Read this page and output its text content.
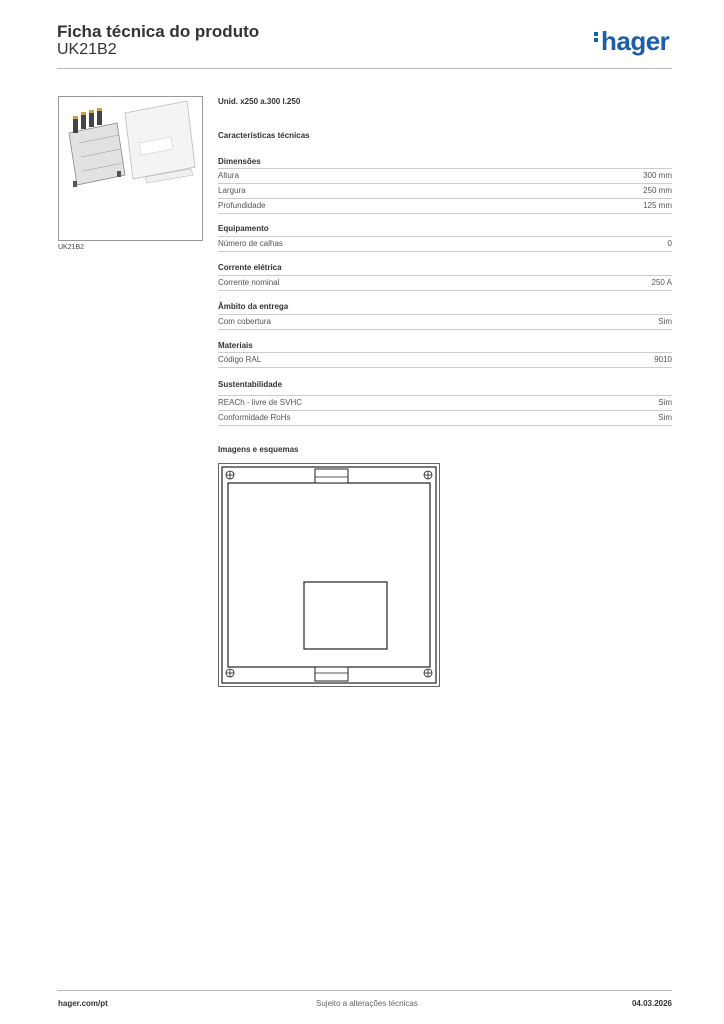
Ficha técnica do produto
UK21B2	hager
UK21B2
Unid. x250 a.300 l.250
Características técnicas
Dimensões
Altura	300 mm
Largura	250 mm
Profundidade	125 mm
Equipamento
Número de calhas	0
Corrente elétrica
Corrente nominal	250 A
Âmbito da entrega
Com cobertura	Sim
Materiais
Código RAL	9010
Sustentabilidade
REACh - livre de SVHC	Sim
Conformidade RoHs	Sim
Imagens e esquemas
hager.com/pt	Sujeito a alterações técnicas	04.03.2026
